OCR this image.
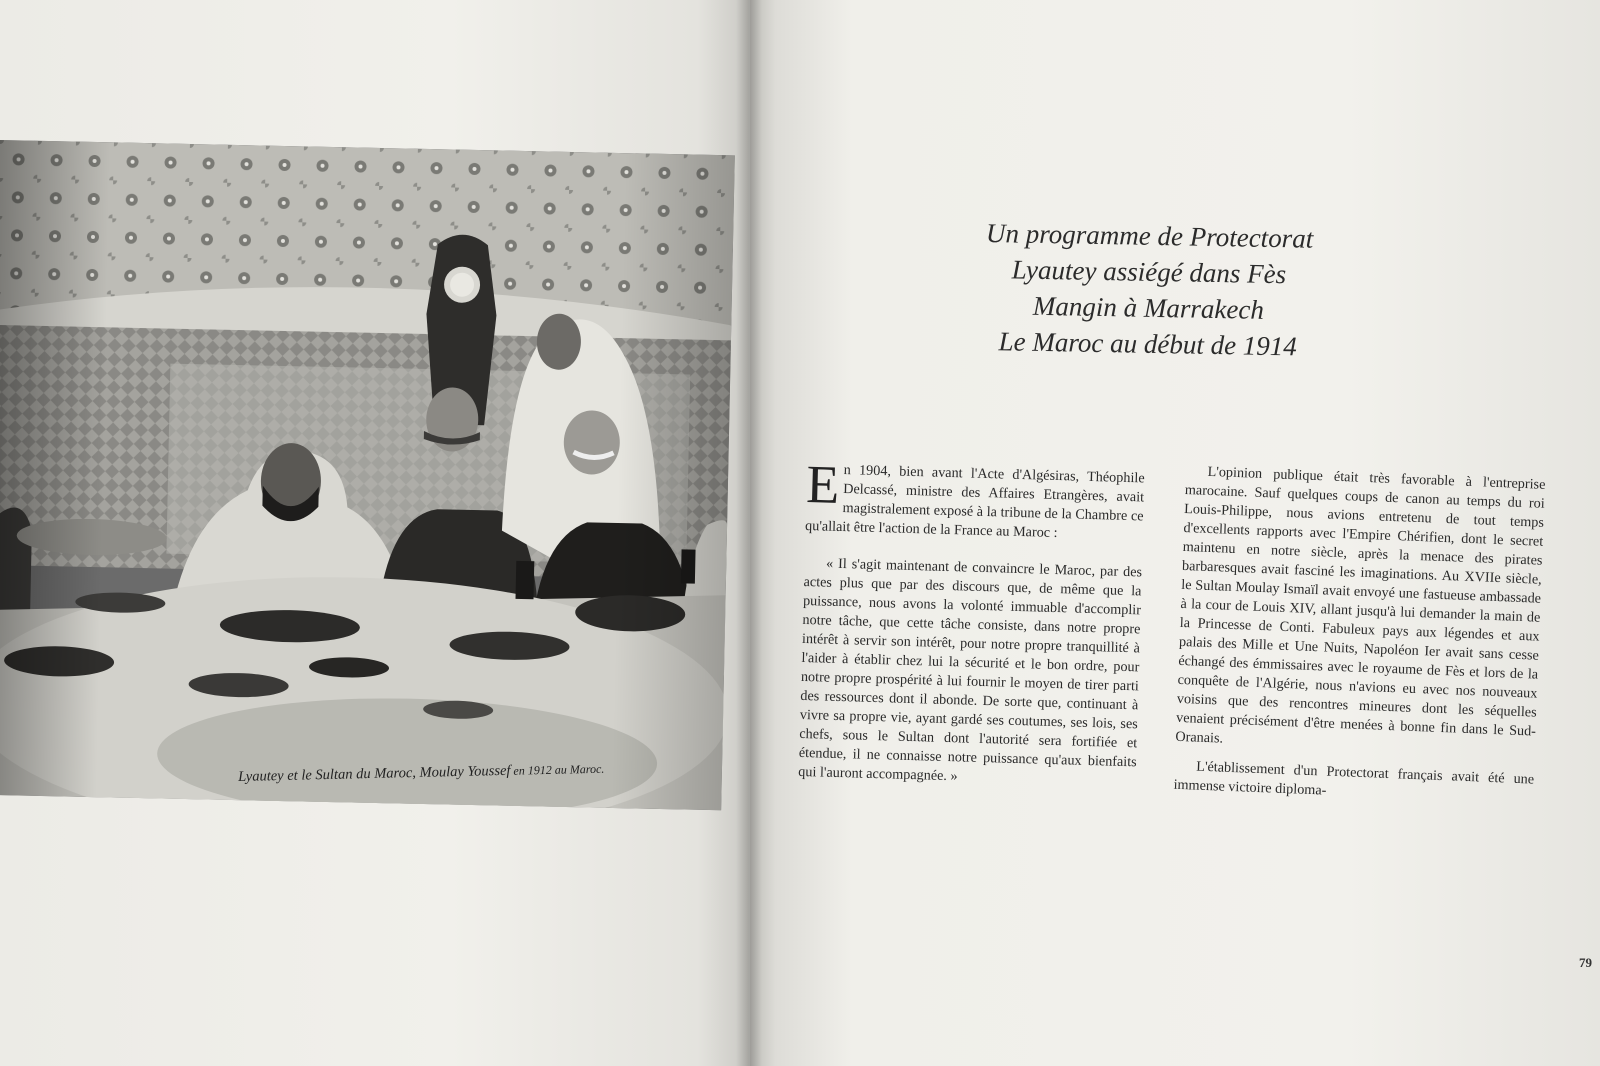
Lyautey et le Sultan du Maroc, Moulay Youssef en 1912 au Maroc.
Un programme de Protectorat
Lyautey assiégé dans Fès
Mangin à Marrakech
Le Maroc au début de 1914

En 1904, bien avant l'Acte d'Algésiras, Théophile Delcassé, ministre des Affaires Etrangères, avait magistralement exposé à la tribune de la Chambre ce qu'allait être l'action de la France au Maroc :

« Il s'agit maintenant de convaincre le Maroc, par des actes plus que par des discours que, de même que la puissance, nous avons la volonté immuable d'accomplir notre tâche, que cette tâche consiste, dans notre propre intérêt à servir son intérêt, pour notre propre tranquillité à l'aider à établir chez lui la sécurité et le bon ordre, pour notre propre prospérité à lui fournir le moyen de tirer parti des ressources dont il abonde. De sorte que, continuant à vivre sa propre vie, ayant gardé ses coutumes, ses lois, ses chefs, sous le Sultan dont l'autorité sera fortifiée et étendue, il ne connaisse notre puissance qu'aux bienfaits qui l'auront accompagnée. »

L'opinion publique était très favorable à l'entreprise marocaine. Sauf quelques coups de canon au temps du roi Louis-Philippe, nous avions entretenu de tout temps d'excellents rapports avec l'Empire Chérifien, dont le secret maintenu en notre siècle, après la menace des pirates barbaresques avait fasciné les imaginations. Au XVIIe siècle, le Sultan Moulay Ismaïl avait envoyé une fastueuse ambassade à la cour de Louis XIV, allant jusqu'à lui demander la main de la Princesse de Conti. Fabuleux pays aux légendes et aux palais des Mille et Une Nuits, Napoléon Ier avait sans cesse échangé des émmissaires avec le royaume de Fès et lors de la conquête de l'Algérie, nous n'avions eu avec nos nouveaux voisins que des rencontres mineures dont les séquelles venaient précisément d'être menées à bonne fin dans le Sud-Oranais.

L'établissement d'un Protectorat français avait été une immense victoire diploma-

79
